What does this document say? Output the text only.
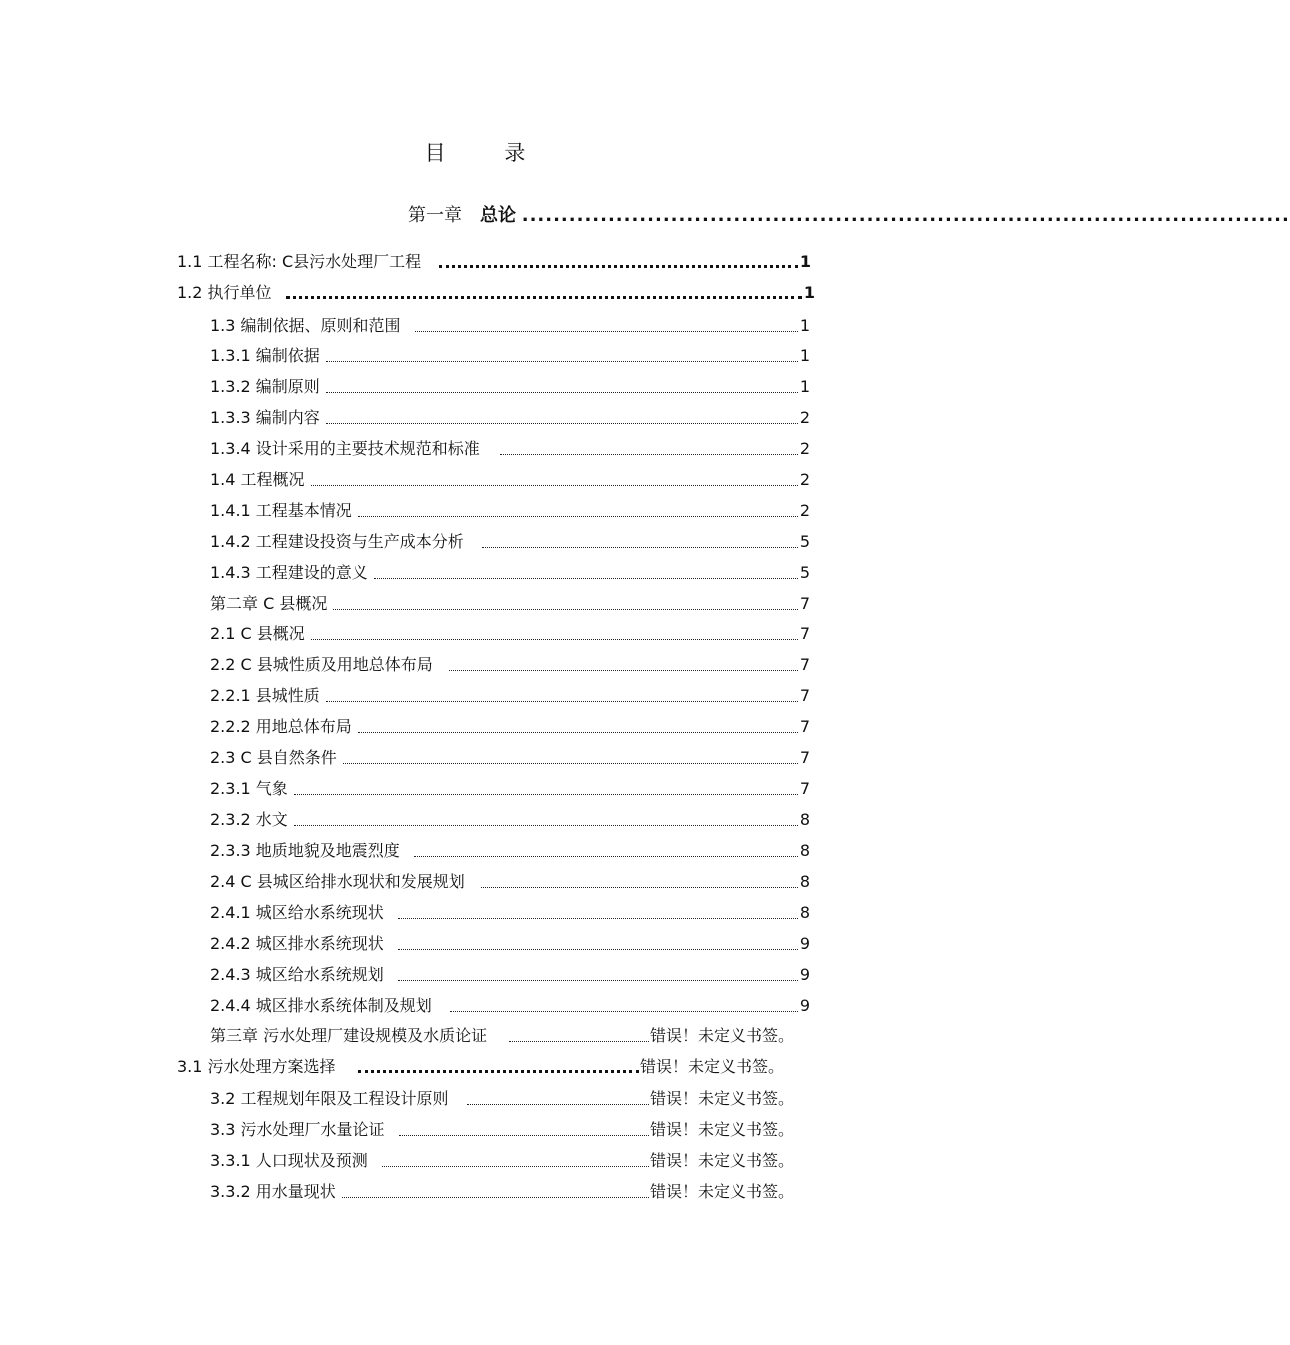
目 录
第一章 总论 ..................................................................................................
1.1 工程名称: C县污水处理厂工程	1
1.2 执行单位	1
1.3 编制依据、原则和范围	1
1.3.1 编制依据	1
1.3.2 编制原则	1
1.3.3 编制内容	2
1.3.4 设计采用的主要技术规范和标准	2
1.4 工程概况	2
1.4.1 工程基本情况	2
1.4.2 工程建设投资与生产成本分析	5
1.4.3 工程建设的意义	5
第二章 C 县概况	7
2.1 C 县概况	7
2.2 C 县城性质及用地总体布局	7
2.2.1 县城性质	7
2.2.2 用地总体布局	7
2.3 C 县自然条件	7
2.3.1 气象	7
2.3.2 水文	8
2.3.3 地质地貌及地震烈度	8
2.4 C 县城区给排水现状和发展规划	8
2.4.1 城区给水系统现状	8
2.4.2 城区排水系统现状	9
2.4.3 城区给水系统规划	9
2.4.4 城区排水系统体制及规划	9
第三章 污水处理厂建设规模及水质论证	错误！未定义书签。
3.1 污水处理方案选择	错误！未定义书签。
3.2 工程规划年限及工程设计原则	错误！未定义书签。
3.3 污水处理厂水量论证	错误！未定义书签。
3.3.1 人口现状及预测	错误！未定义书签。
3.3.2 用水量现状	错误！未定义书签。
